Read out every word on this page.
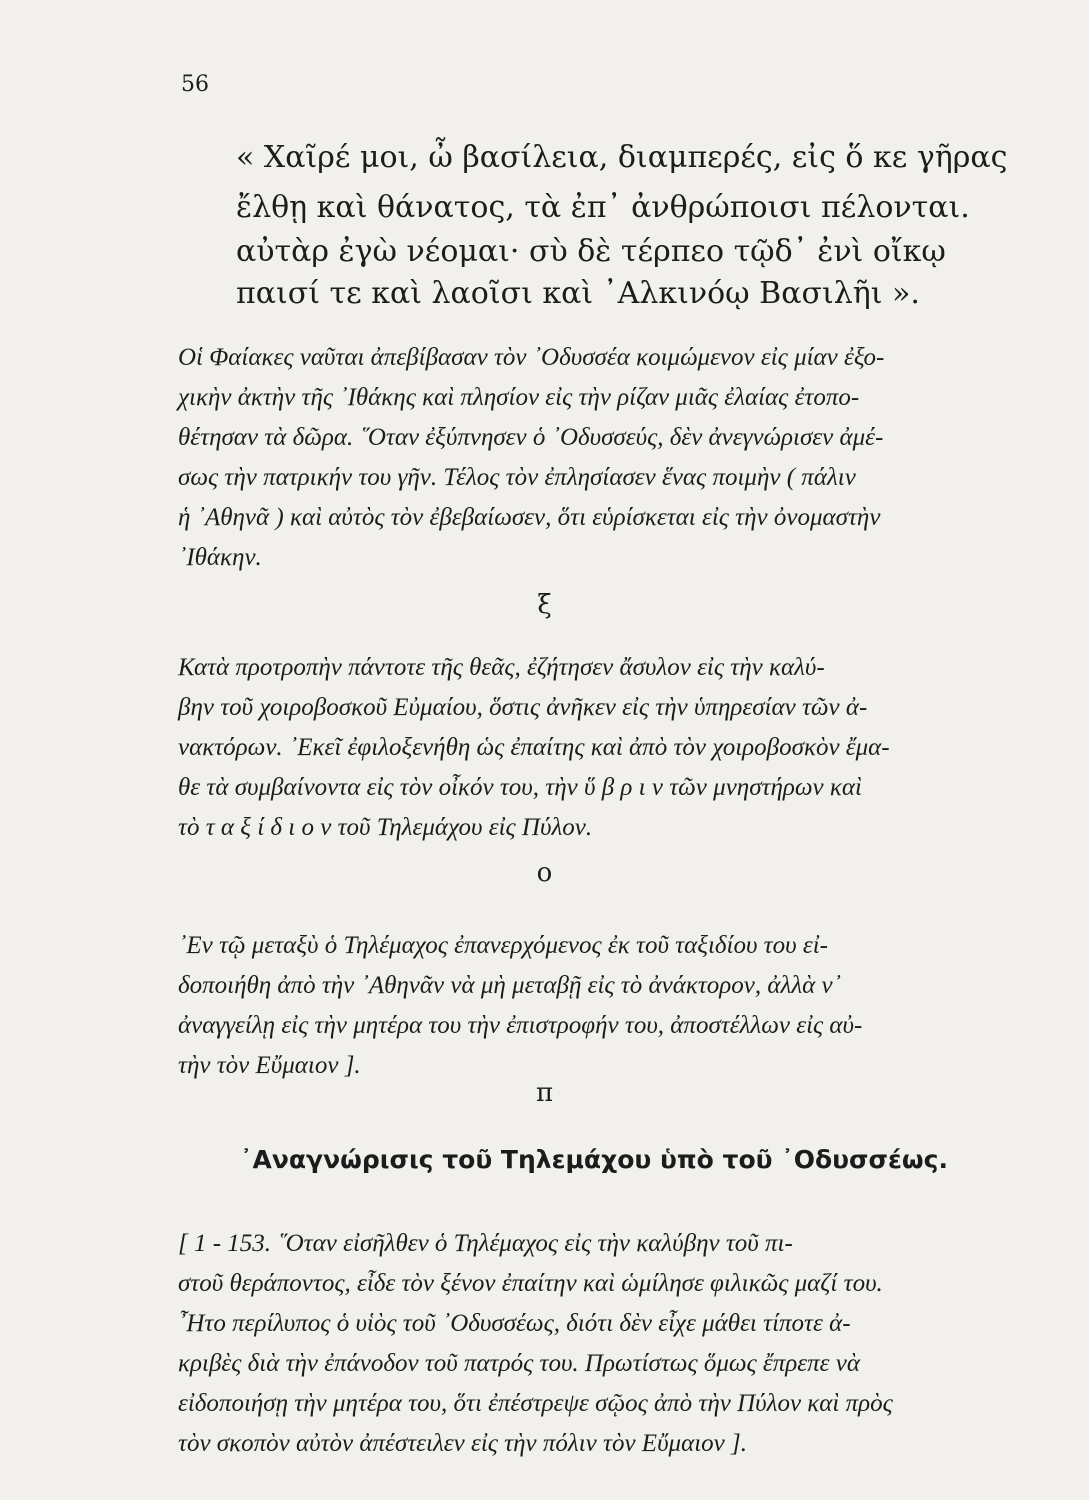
56
« Χαῖρέ μοι, ὦ βασίλεια, διαμπερές, εἰς ὅ κε γῆρας
ἔλθῃ καὶ θάνατος, τὰ ἐπ᾽ ἀνθρώποισι πέλονται.
αὐτὰρ ἐγὼ νέομαι· σὺ δὲ τέρπεο τῷδ᾽ ἐνὶ οἴκῳ
παισί τε καὶ λαοῖσι καὶ ᾽Αλκινόῳ Βασιλῆι ».
Οἱ Φαίακες ναῦται ἀπεβίβασαν τὸν ᾽Οδυσσέα κοιμώμενον εἰς μίαν ἐξο-
χικὴν ἀκτὴν τῆς ᾽Ιθάκης καὶ πλησίον εἰς τὴν ρίζαν μιᾶς ἐλαίας ἐτοπο-
θέτησαν τὰ δῶρα. ῞Οταν ἐξύπνησεν ὁ ᾽Οδυσσεύς, δὲν ἀνεγνώρισεν ἀμέ-
σως τὴν πατρικήν του γῆν. Τέλος τὸν ἐπλησίασεν ἕνας ποιμὴν ( πάλιν
ἡ ᾽Αθηνᾶ ) καὶ αὐτὸς τὸν ἐβεβαίωσεν, ὅτι εὑρίσκεται εἰς τὴν ὀνομαστὴν
᾽Ιθάκην.
ξ
Κατὰ προτροπὴν πάντοτε τῆς θεᾶς, ἐζήτησεν ἄσυλον εἰς τὴν καλύ-
βην τοῦ χοιροβοσκοῦ Εὐμαίου, ὅστις ἀνῆκεν εἰς τὴν ὑπηρεσίαν τῶν ἀ-
νακτόρων. ᾽Εκεῖ ἐφιλοξενήθη ὡς ἐπαίτης καὶ ἀπὸ τὸν χοιροβοσκὸν ἔμα-
θε τὰ συμβαίνοντα εἰς τὸν οἶκόν του, τὴν ὕ β ρ ι ν τῶν μνηστήρων καὶ
τὸ τ α ξ ί δ ι ο ν τοῦ Τηλεμάχου εἰς Πύλον.
ο
᾽Εν τῷ μεταξὺ ὁ Τηλέμαχος ἐπανερχόμενος ἐκ τοῦ ταξιδίου του εἰ-
δοποιήθη ἀπὸ τὴν ᾽Αθηνᾶν νὰ μὴ μεταβῇ εἰς τὸ ἀνάκτορον, ἀλλὰ ν᾽
ἀναγγείλῃ εἰς τὴν μητέρα του τὴν ἐπιστροφήν του, ἀποστέλλων εἰς αὐ-
τὴν τὸν Εὔμαιον ].
π
᾽Αναγνώρισις τοῦ Τηλεμάχου ὑπὸ τοῦ ᾽Οδυσσέως.
[ 1 - 153. ῞Οταν εἰσῆλθεν ὁ Τηλέμαχος εἰς τὴν καλύβην τοῦ πι-
στοῦ θεράποντος, εἶδε τὸν ξένον ἐπαίτην καὶ ὡμίλησε φιλικῶς μαζί του.
῏Ητο περίλυπος ὁ υἱὸς τοῦ ᾽Οδυσσέως, διότι δὲν εἶχε μάθει τίποτε ἀ-
κριβὲς διὰ τὴν ἐπάνοδον τοῦ πατρός του. Πρωτίστως ὅμως ἔπρεπε νὰ
εἰδοποιήσῃ τὴν μητέρα του, ὅτι ἐπέστρεψε σῷος ἀπὸ τὴν Πύλον καὶ πρὸς
τὸν σκοπὸν αὐτὸν ἀπέστειλεν εἰς τὴν πόλιν τὸν Εὔμαιον ].
